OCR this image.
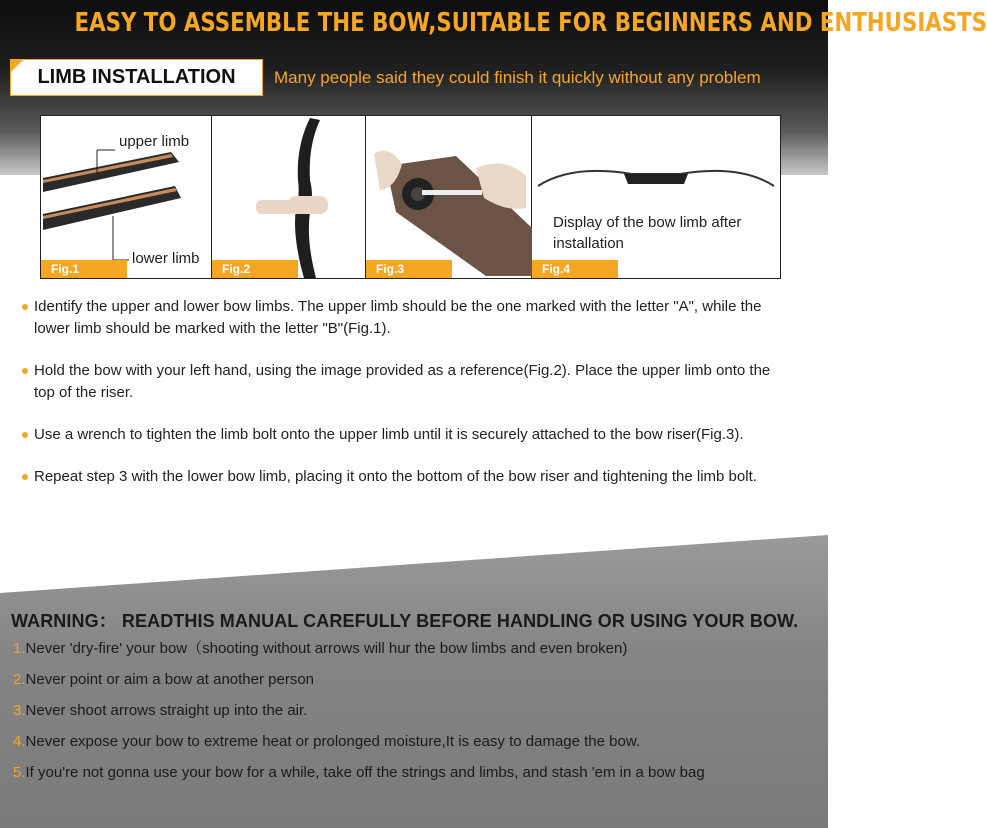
EASY TO ASSEMBLE THE BOW,SUITABLE FOR BEGINNERS AND ENTHUSIASTS
LIMB INSTALLATION	Many people said they could finish it quickly without any problem
upper limb
lower limb
Fig.1	Fig.2	Fig.3
Display of the bow limb after installation
Fig.4
Identify the upper and lower bow limbs. The upper limb should be the one marked with the letter "A", while the lower limb should be marked with the letter "B"(Fig.1).
Hold the bow with your left hand, using the image provided as a reference(Fig.2). Place the upper limb onto the top of the riser.
Use a wrench to tighten the limb bolt onto the upper limb until it is securely attached to the bow riser(Fig.3).
Repeat step 3 with the lower bow limb, placing it onto the bottom of the bow riser and tightening the limb bolt.
WARNING： READTHIS MANUAL CAREFULLY BEFORE HANDLING OR USING YOUR BOW.
1.Never 'dry-fire' your bow（shooting without arrows will hur the bow limbs and even broken)
2.Never point or aim a bow at another person
3.Never shoot arrows straight up into the air.
4.Never expose your bow to extreme heat or prolonged moisture,It is easy to damage the bow.
5.If you're not gonna use your bow for a while, take off the strings and limbs, and stash 'em in a bow bag
